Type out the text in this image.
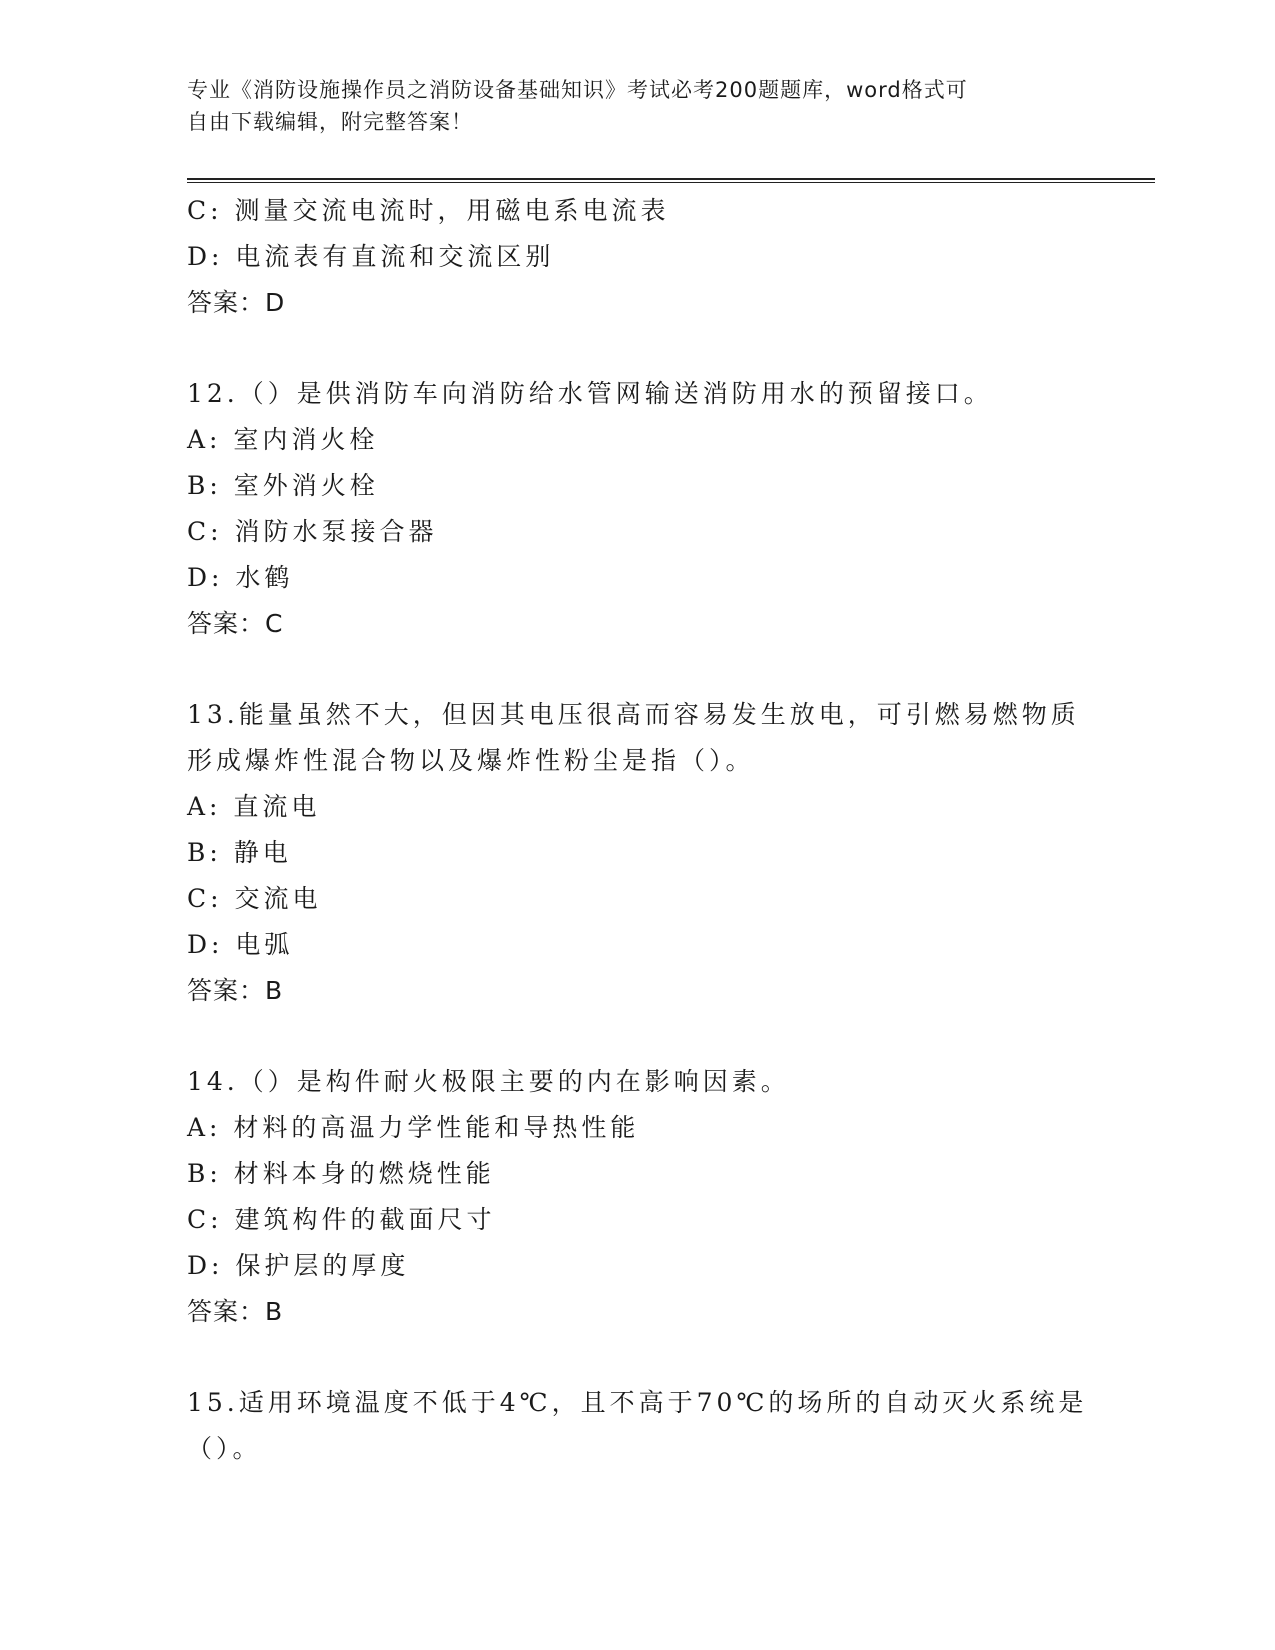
专业《消防设施操作员之消防设备基础知识》考试必考200题题库，word格式可
自由下载编辑，附完整答案！
C: 测量交流电流时，用磁电系电流表
D: 电流表有直流和交流区别
答案：D
12.（）是供消防车向消防给水管网输送消防用水的预留接口。
A: 室内消火栓
B: 室外消火栓
C: 消防水泵接合器
D: 水鹤
答案：C
13.能量虽然不大，但因其电压很高而容易发生放电，可引燃易燃物质
形成爆炸性混合物以及爆炸性粉尘是指（）。
A: 直流电
B: 静电
C: 交流电
D: 电弧
答案：B
14.（）是构件耐火极限主要的内在影响因素。
A: 材料的高温力学性能和导热性能
B: 材料本身的燃烧性能
C: 建筑构件的截面尺寸
D: 保护层的厚度
答案：B
15.适用环境温度不低于4℃，且不高于70℃的场所的自动灭火系统是
（）。
